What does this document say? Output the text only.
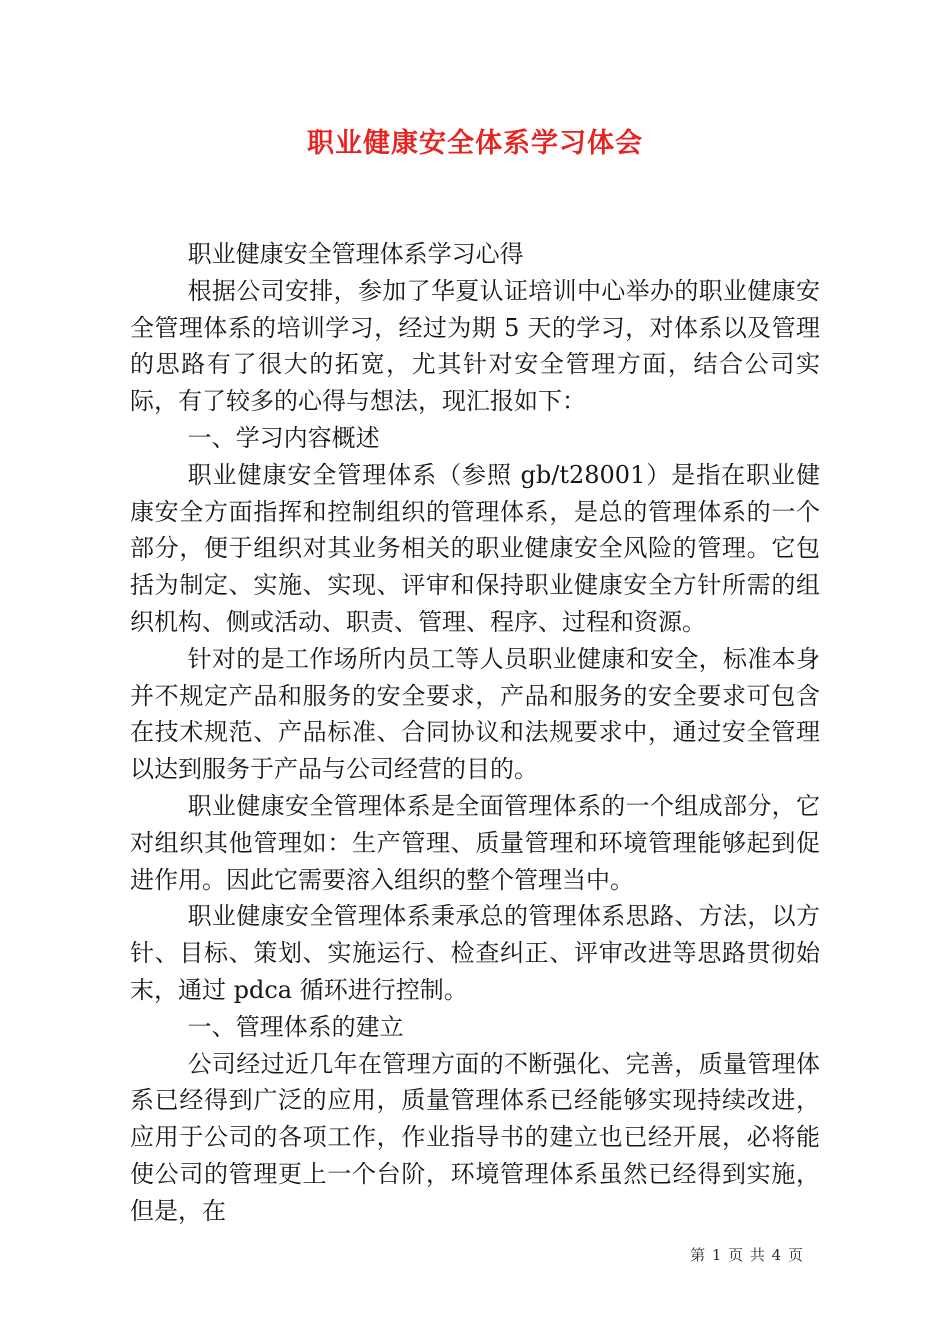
职业健康安全体系学习体会

职业健康安全管理体系学习心得

根据公司安排，参加了华夏认证培训中心举办的职业健康安全管理体系的培训学习，经过为期 5 天的学习，对体系以及管理的思路有了很大的拓宽，尤其针对安全管理方面，结合公司实际，有了较多的心得与想法，现汇报如下：

一、学习内容概述

职业健康安全管理体系（参照 gb/t28001）是指在职业健康安全方面指挥和控制组织的管理体系，是总的管理体系的一个部分，便于组织对其业务相关的职业健康安全风险的管理。它包括为制定、实施、实现、评审和保持职业健康安全方针所需的组织机构、侧或活动、职责、管理、程序、过程和资源。

针对的是工作场所内员工等人员职业健康和安全，标准本身并不规定产品和服务的安全要求，产品和服务的安全要求可包含在技术规范、产品标准、合同协议和法规要求中，通过安全管理以达到服务于产品与公司经营的目的。

职业健康安全管理体系是全面管理体系的一个组成部分，它对组织其他管理如：生产管理、质量管理和环境管理能够起到促进作用。因此它需要溶入组织的整个管理当中。

职业健康安全管理体系秉承总的管理体系思路、方法，以方针、目标、策划、实施运行、检查纠正、评审改进等思路贯彻始末，通过 pdca 循环进行控制。

一、管理体系的建立

公司经过近几年在管理方面的不断强化、完善，质量管理体系已经得到广泛的应用，质量管理体系已经能够实现持续改进，应用于公司的各项工作，作业指导书的建立也已经开展，必将能使公司的管理更上一个台阶，环境管理体系虽然已经得到实施，但是，在

第 1 页 共 4 页
